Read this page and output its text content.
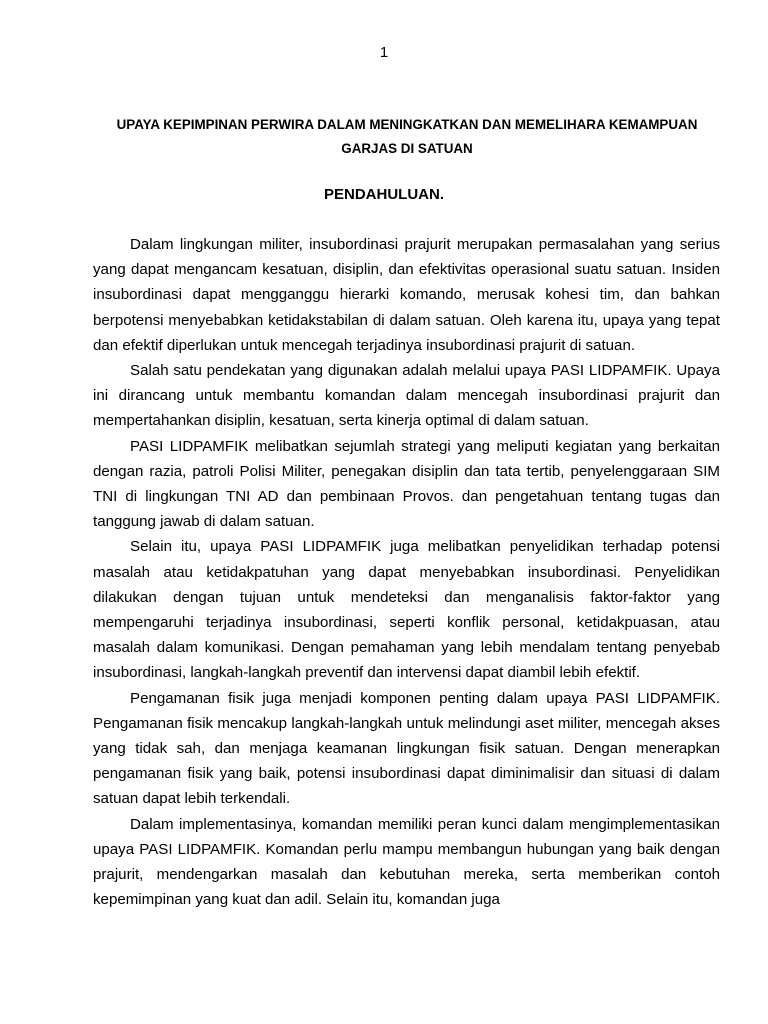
1
UPAYA KEPIMPINAN PERWIRA DALAM MENINGKATKAN DAN MEMELIHARA KEMAMPUAN
GARJAS DI SATUAN
PENDAHULUAN.

Dalam lingkungan militer, insubordinasi prajurit merupakan permasalahan yang serius yang dapat mengancam kesatuan, disiplin, dan efektivitas operasional suatu satuan. Insiden insubordinasi dapat mengganggu hierarki komando, merusak kohesi tim, dan bahkan berpotensi menyebabkan ketidakstabilan di dalam satuan. Oleh karena itu, upaya yang tepat dan efektif diperlukan untuk mencegah terjadinya insubordinasi prajurit di satuan.

Salah satu pendekatan yang digunakan adalah melalui upaya PASI LIDPAMFIK. Upaya ini dirancang untuk membantu komandan dalam mencegah insubordinasi prajurit dan mempertahankan disiplin, kesatuan, serta kinerja optimal di dalam satuan.

PASI LIDPAMFIK melibatkan sejumlah strategi yang meliputi kegiatan yang berkaitan dengan razia, patroli Polisi Militer, penegakan disiplin dan tata tertib, penyelenggaraan SIM TNI di lingkungan TNI AD dan pembinaan Provos. dan pengetahuan tentang tugas dan tanggung jawab di dalam satuan.

Selain itu, upaya PASI LIDPAMFIK juga melibatkan penyelidikan terhadap potensi masalah atau ketidakpatuhan yang dapat menyebabkan insubordinasi. Penyelidikan dilakukan dengan tujuan untuk mendeteksi dan menganalisis faktor-faktor yang mempengaruhi terjadinya insubordinasi, seperti konflik personal, ketidakpuasan, atau masalah dalam komunikasi. Dengan pemahaman yang lebih mendalam tentang penyebab insubordinasi, langkah-langkah preventif dan intervensi dapat diambil lebih efektif.

Pengamanan fisik juga menjadi komponen penting dalam upaya PASI LIDPAMFIK. Pengamanan fisik mencakup langkah-langkah untuk melindungi aset militer, mencegah akses yang tidak sah, dan menjaga keamanan lingkungan fisik satuan. Dengan menerapkan pengamanan fisik yang baik, potensi insubordinasi dapat diminimalisir dan situasi di dalam satuan dapat lebih terkendali.

Dalam implementasinya, komandan memiliki peran kunci dalam mengimplementasikan upaya PASI LIDPAMFIK. Komandan perlu mampu membangun hubungan yang baik dengan prajurit, mendengarkan masalah dan kebutuhan mereka, serta memberikan contoh kepemimpinan yang kuat dan adil. Selain itu, komandan juga
